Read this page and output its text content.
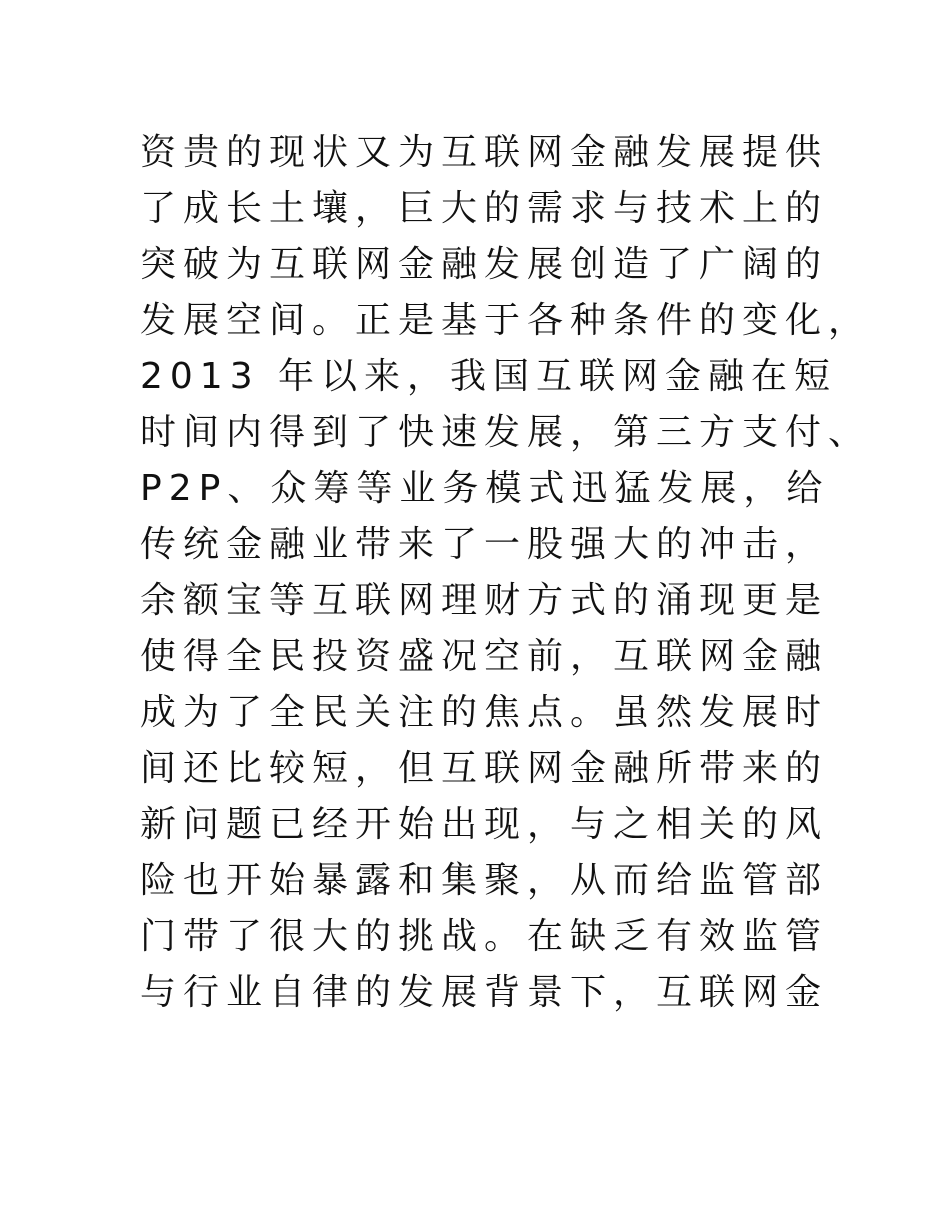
资贵的现状又为互联网金融发展提供
了成长土壤，巨大的需求与技术上的
突破为互联网金融发展创造了广阔的
发展空间。正是基于各种条件的变化，
2013 年以来，我国互联网金融在短
时间内得到了快速发展，第三方支付、
P2P、众筹等业务模式迅猛发展，给
传统金融业带来了一股强大的冲击，
余额宝等互联网理财方式的涌现更是
使得全民投资盛况空前，互联网金融
成为了全民关注的焦点。虽然发展时
间还比较短，但互联网金融所带来的
新问题已经开始出现，与之相关的风
险也开始暴露和集聚，从而给监管部
门带了很大的挑战。在缺乏有效监管
与行业自律的发展背景下，互联网金
